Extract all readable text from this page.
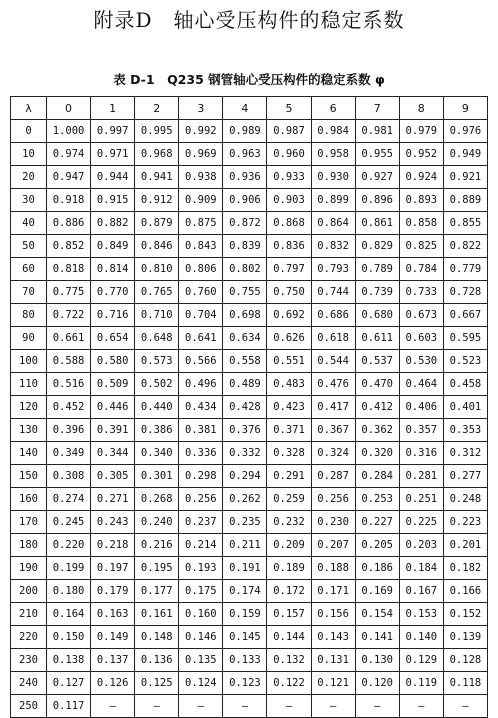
附录D　轴心受压构件的稳定系数
表 D-1　Q235 钢管轴心受压构件的稳定系数 φ
λ	0	1	2	3	4	5	6	7	8	9
0	1.000	0.997	0.995	0.992	0.989	0.987	0.984	0.981	0.979	0.976
10	0.974	0.971	0.968	0.969	0.963	0.960	0.958	0.955	0.952	0.949
20	0.947	0.944	0.941	0.938	0.936	0.933	0.930	0.927	0.924	0.921
30	0.918	0.915	0.912	0.909	0.906	0.903	0.899	0.896	0.893	0.889
40	0.886	0.882	0.879	0.875	0.872	0.868	0.864	0.861	0.858	0.855
50	0.852	0.849	0.846	0.843	0.839	0.836	0.832	0.829	0.825	0.822
60	0.818	0.814	0.810	0.806	0.802	0.797	0.793	0.789	0.784	0.779
70	0.775	0.770	0.765	0.760	0.755	0.750	0.744	0.739	0.733	0.728
80	0.722	0.716	0.710	0.704	0.698	0.692	0.686	0.680	0.673	0.667
90	0.661	0.654	0.648	0.641	0.634	0.626	0.618	0.611	0.603	0.595
100	0.588	0.580	0.573	0.566	0.558	0.551	0.544	0.537	0.530	0.523
110	0.516	0.509	0.502	0.496	0.489	0.483	0.476	0.470	0.464	0.458
120	0.452	0.446	0.440	0.434	0.428	0.423	0.417	0.412	0.406	0.401
130	0.396	0.391	0.386	0.381	0.376	0.371	0.367	0.362	0.357	0.353
140	0.349	0.344	0.340	0.336	0.332	0.328	0.324	0.320	0.316	0.312
150	0.308	0.305	0.301	0.298	0.294	0.291	0.287	0.284	0.281	0.277
160	0.274	0.271	0.268	0.256	0.262	0.259	0.256	0.253	0.251	0.248
170	0.245	0.243	0.240	0.237	0.235	0.232	0.230	0.227	0.225	0.223
180	0.220	0.218	0.216	0.214	0.211	0.209	0.207	0.205	0.203	0.201
190	0.199	0.197	0.195	0.193	0.191	0.189	0.188	0.186	0.184	0.182
200	0.180	0.179	0.177	0.175	0.174	0.172	0.171	0.169	0.167	0.166
210	0.164	0.163	0.161	0.160	0.159	0.157	0.156	0.154	0.153	0.152
220	0.150	0.149	0.148	0.146	0.145	0.144	0.143	0.141	0.140	0.139
230	0.138	0.137	0.136	0.135	0.133	0.132	0.131	0.130	0.129	0.128
240	0.127	0.126	0.125	0.124	0.123	0.122	0.121	0.120	0.119	0.118
250	0.117	—	—	—	—	—	—	—	—	—
